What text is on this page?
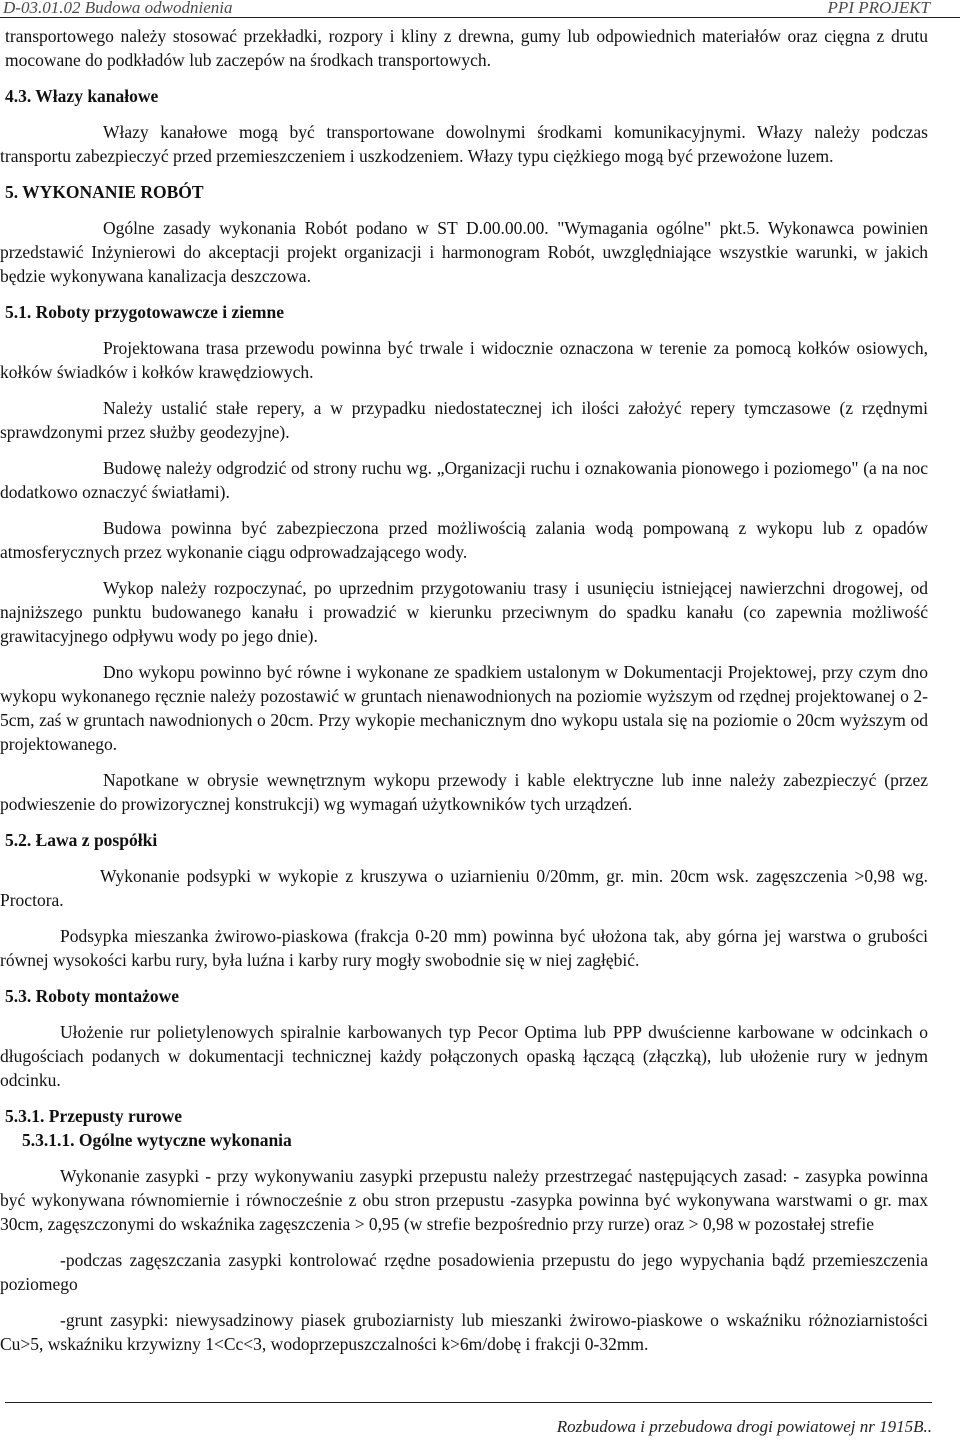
D-03.01.02 Budowa odwodnienia	PPI PROJEKT

transportowego należy stosować przekładki, rozpory i kliny z drewna, gumy lub odpowiednich materiałów oraz cięgna z drutu mocowane do podkładów lub zaczepów na środkach transportowych.

4.3. Włazy kanałowe

Włazy kanałowe mogą być transportowane dowolnymi środkami komunikacyjnymi. Włazy należy podczas transportu zabezpieczyć przed przemieszczeniem i uszkodzeniem. Włazy typu ciężkiego mogą być przewożone luzem.

5. WYKONANIE ROBÓT

Ogólne zasady wykonania Robót podano w ST D.00.00.00. "Wymagania ogólne" pkt.5. Wykonawca powinien przedstawić Inżynierowi do akceptacji projekt organizacji i harmonogram Robót, uwzględniające wszystkie warunki, w jakich będzie wykonywana kanalizacja deszczowa.

5.1. Roboty przygotowawcze i ziemne

Projektowana trasa przewodu powinna być trwale i widocznie oznaczona w terenie za pomocą kołków osiowych, kołków świadków i kołków krawędziowych.

Należy ustalić stałe repery, a w przypadku niedostatecznej ich ilości założyć repery tymczasowe (z rzędnymi sprawdzonymi przez służby geodezyjne).

Budowę należy odgrodzić od strony ruchu wg. „Organizacji ruchu i oznakowania pionowego i poziomego" (a na noc dodatkowo oznaczyć światłami).

Budowa powinna być zabezpieczona przed możliwością zalania wodą pompowaną z wykopu lub z opadów atmosferycznych przez wykonanie ciągu odprowadzającego wody.

Wykop należy rozpoczynać, po uprzednim przygotowaniu trasy i usunięciu istniejącej nawierzchni drogowej, od najniższego punktu budowanego kanału i prowadzić w kierunku przeciwnym do spadku kanału (co zapewnia możliwość grawitacyjnego odpływu wody po jego dnie).

Dno wykopu powinno być równe i wykonane ze spadkiem ustalonym w Dokumentacji Projektowej, przy czym dno wykopu wykonanego ręcznie należy pozostawić w gruntach nienawodnionych na poziomie wyższym od rzędnej projektowanej o 2-5cm, zaś w gruntach nawodnionych o 20cm. Przy wykopie mechanicznym dno wykopu ustala się na poziomie o 20cm wyższym od projektowanego.

Napotkane w obrysie wewnętrznym wykopu przewody i kable elektryczne lub inne należy zabezpieczyć (przez podwieszenie do prowizorycznej konstrukcji) wg wymagań użytkowników tych urządzeń.

5.2. Ława z pospółki

Wykonanie podsypki w wykopie z kruszywa o uziarnieniu 0/20mm, gr. min. 20cm wsk. zagęszczenia >0,98 wg. Proctora.

Podsypka mieszanka żwirowo-piaskowa (frakcja 0-20 mm) powinna być ułożona tak, aby górna jej warstwa o grubości równej wysokości karbu rury, była luźna i karby rury mogły swobodnie się w niej zagłębić.

5.3. Roboty montażowe

Ułożenie rur polietylenowych spiralnie karbowanych typ Pecor Optima lub PPP dwuścienne karbowane w odcinkach o długościach podanych w dokumentacji technicznej każdy połączonych opaską łączącą (złączką), lub ułożenie rury w jednym odcinku.

5.3.1. Przepusty rurowe
5.3.1.1. Ogólne wytyczne wykonania

Wykonanie zasypki - przy wykonywaniu zasypki przepustu należy przestrzegać następujących zasad: - zasypka powinna być wykonywana równomiernie i równocześnie z obu stron przepustu -zasypka powinna być wykonywana warstwami o gr. max 30cm, zagęszczonymi do wskaźnika zagęszczenia > 0,95 (w strefie bezpośrednio przy rurze) oraz > 0,98 w pozostałej strefie

-podczas zagęszczania zasypki kontrolować rzędne posadowienia przepustu do jego wypychania bądź przemieszczenia poziomego

-grunt zasypki: niewysadzinowy piasek gruboziarnisty lub mieszanki żwirowo-piaskowe o wskaźniku różnoziarnistości Cu>5, wskaźniku krzywizny 1<Cc<3, wodoprzepuszczalności k>6m/dobę i frakcji 0-32mm.

Rozbudowa i przebudowa drogi powiatowej nr 1915B..
